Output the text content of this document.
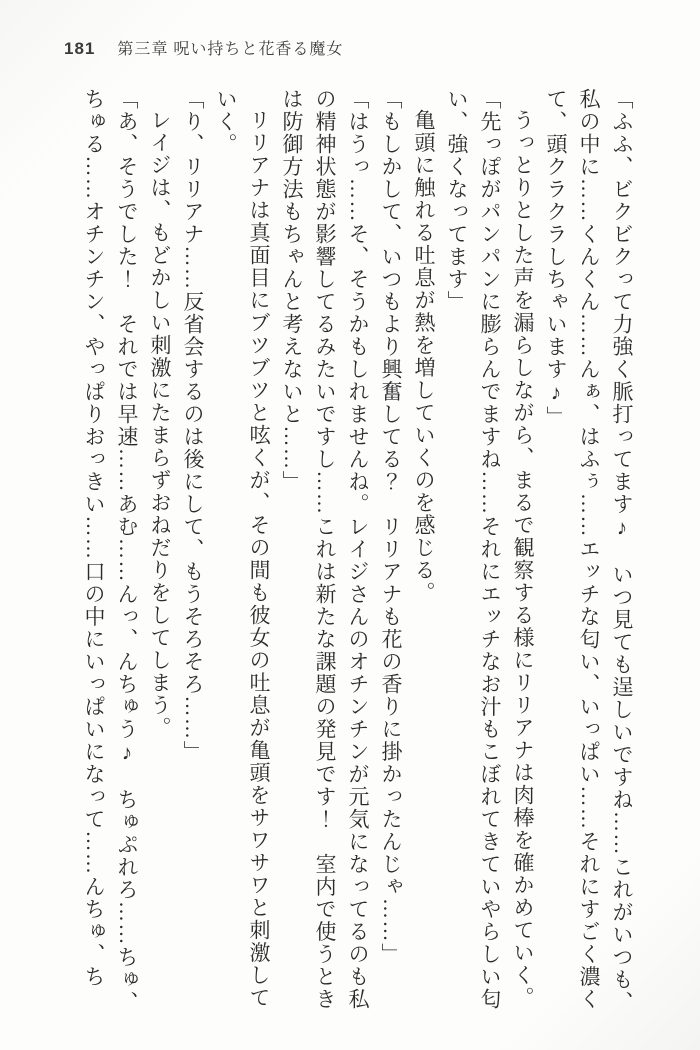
181 第三章 呪い持ちと花香る魔女

「ふふ、ビクビクって力強く脈打ってます♪　いつ見ても逞しいですね……これがいつも、私の中に……くんくん……んぁ、はふぅ……エッチな匂い、いっぱい……それにすごく濃くて、頭クラクラしちゃいます♪」

うっとりとした声を漏らしながら、まるで観察する様にリリアナは肉棒を確かめていく。

「先っぽがパンパンに膨らんでますね……それにエッチなお汁もこぼれてきていやらしい匂い、強くなってます」

亀頭に触れる吐息が熱を増していくのを感じる。

「もしかして、いつもより興奮してる？　リリアナも花の香りに掛かったんじゃ……」

「はうっ……そ、そうかもしれませんね。レイジさんのオチンチンが元気になってるのも私の精神状態が影響してるみたいですし……これは新たな課題の発見です！　室内で使うときは防御方法もちゃんと考えないと……」

リリアナは真面目にブツブツと呟くが、その間も彼女の吐息が亀頭をサワサワと刺激していく。

「り、リリアナ……反省会するのは後にして、もうそろそろ……」

レイジは、もどかしい刺激にたまらずおねだりをしてしまう。

「あ、そうでした！　それでは早速……あむ……んっ、んちゅう♪　ちゅぷれろ……ちゅ、ちゅる……オチンチン、やっぱりおっきい……口の中にいっぱいになって……んちゅ、ち
